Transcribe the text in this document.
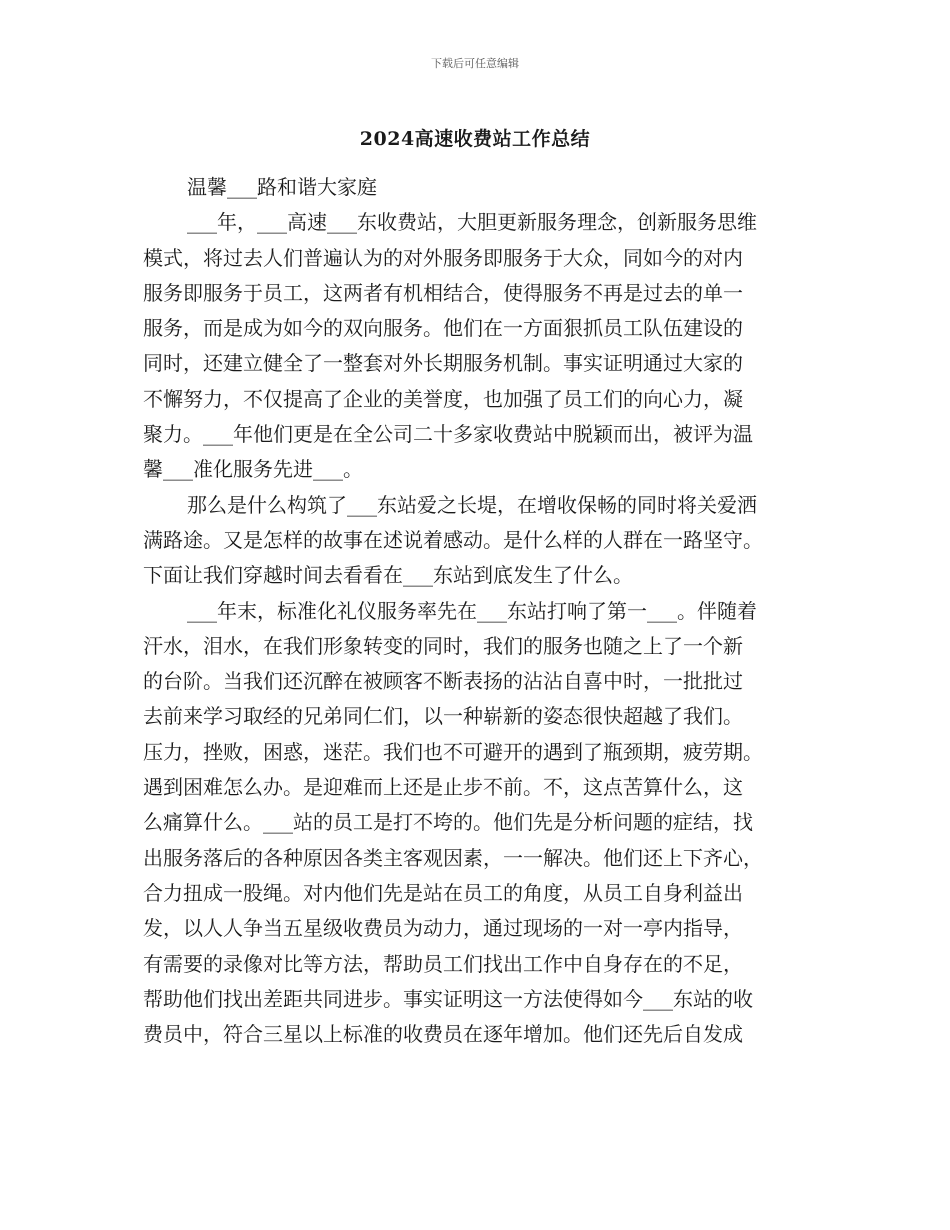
下载后可任意编辑
2024高速收费站工作总结
温馨___路和谐大家庭
___年，___高速___东收费站，大胆更新服务理念，创新服务思维
模式，将过去人们普遍认为的对外服务即服务于大众，同如今的对内
服务即服务于员工，这两者有机相结合，使得服务不再是过去的单一
服务，而是成为如今的双向服务。他们在一方面狠抓员工队伍建设的
同时，还建立健全了一整套对外长期服务机制。事实证明通过大家的
不懈努力，不仅提高了企业的美誉度，也加强了员工们的向心力，凝
聚力。___年他们更是在全公司二十多家收费站中脱颖而出，被评为温
馨___准化服务先进___。
那么是什么构筑了___东站爱之长堤，在增收保畅的同时将关爱洒
满路途。又是怎样的故事在述说着感动。是什么样的人群在一路坚守。
下面让我们穿越时间去看看在___东站到底发生了什么。
___年末，标准化礼仪服务率先在___东站打响了第一___。伴随着
汗水，泪水，在我们形象转变的同时，我们的服务也随之上了一个新
的台阶。当我们还沉醉在被顾客不断表扬的沾沾自喜中时，一批批过
去前来学习取经的兄弟同仁们，以一种崭新的姿态很快超越了我们。
压力，挫败，困惑，迷茫。我们也不可避开的遇到了瓶颈期，疲劳期。
遇到困难怎么办。是迎难而上还是止步不前。不，这点苦算什么，这
么痛算什么。___站的员工是打不垮的。他们先是分析问题的症结，找
出服务落后的各种原因各类主客观因素，一一解决。他们还上下齐心，
合力扭成一股绳。对内他们先是站在员工的角度，从员工自身利益出
发，以人人争当五星级收费员为动力，通过现场的一对一亭内指导，
有需要的录像对比等方法，帮助员工们找出工作中自身存在的不足，
帮助他们找出差距共同进步。事实证明这一方法使得如今___东站的收
费员中，符合三星以上标准的收费员在逐年增加。他们还先后自发成
